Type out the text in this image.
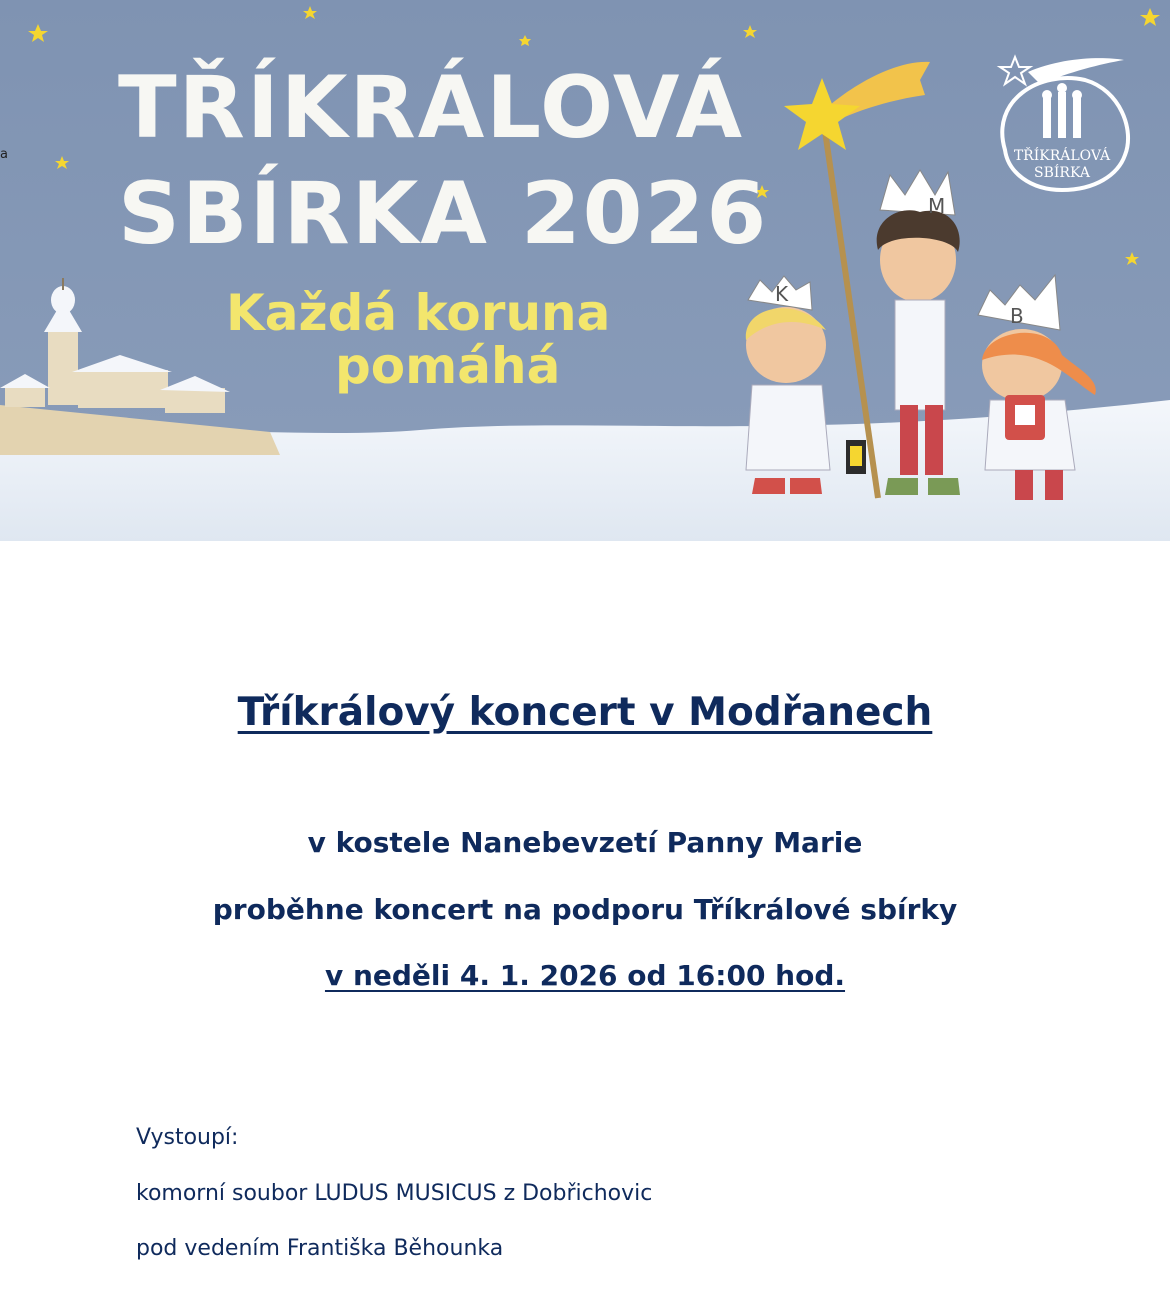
a TŘÍKRÁLOVÁ
SBÍRKA 2026
Každá koruna
pomáhá
K
M
B
TŘÍKRÁLOVÁ
SBÍRKA
Tříkrálový koncert v Modřanech

v kostele Nanebevzetí Panny Marie

proběhne koncert na podporu Tříkrálové sbírky

v neděli 4. 1. 2026 od 16:00 hod.

Vystoupí:

komorní soubor LUDUS MUSICUS z Dobřichovic

pod vedením Františka Běhounka
